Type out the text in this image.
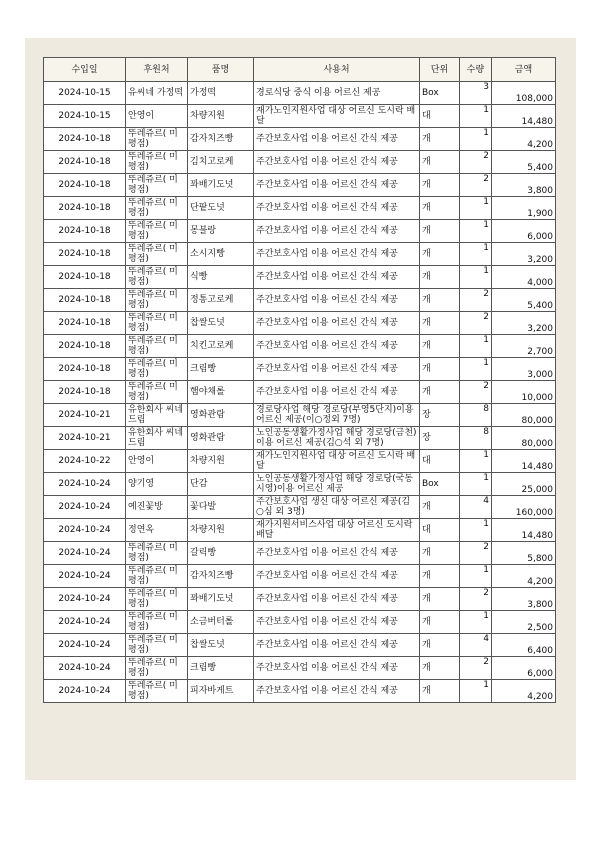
수입일	후원처	품명	사용처	단위	수량	금액
2024-10-15	유씨네 가정떡	가정떡	경로식당 중식 이용 어르신 제공	Box	3	108,000
2024-10-15	안영이	차량지원	재가노인지원사업 대상 어르신 도시락 배달	대	1	14,480
2024-10-18	뚜레쥬르( 미평점)	감자치즈빵	주간보호사업 이용 어르신 간식 제공	개	1	4,200
2024-10-18	뚜레쥬르( 미평점)	김치고로케	주간보호사업 이용 어르신 간식 제공	개	2	5,400
2024-10-18	뚜레쥬르( 미평점)	꽈배기도넛	주간보호사업 이용 어르신 간식 제공	개	2	3,800
2024-10-18	뚜레쥬르( 미평점)	단팥도넛	주간보호사업 이용 어르신 간식 제공	개	1	1,900
2024-10-18	뚜레쥬르( 미평점)	몽블랑	주간보호사업 이용 어르신 간식 제공	개	1	6,000
2024-10-18	뚜레쥬르( 미평점)	소시지빵	주간보호사업 이용 어르신 간식 제공	개	1	3,200
2024-10-18	뚜레쥬르( 미평점)	식빵	주간보호사업 이용 어르신 간식 제공	개	1	4,000
2024-10-18	뚜레쥬르( 미평점)	정통고로케	주간보호사업 이용 어르신 간식 제공	개	2	5,400
2024-10-18	뚜레쥬르( 미평점)	찹쌀도넛	주간보호사업 이용 어르신 간식 제공	개	2	3,200
2024-10-18	뚜레쥬르( 미평점)	치킨고로케	주간보호사업 이용 어르신 간식 제공	개	1	2,700
2024-10-18	뚜레쥬르( 미평점)	크림빵	주간보호사업 이용 어르신 간식 제공	개	1	3,000
2024-10-18	뚜레쥬르( 미평점)	햄야채롤	주간보호사업 이용 어르신 간식 제공	개	2	10,000
2024-10-21	유한회사 씨네드림	영화관람	경로당사업 해당 경로당(부영5단지)이용 어르신 제공(이○정외 7명)	장	8	80,000
2024-10-21	유한회사 씨네드림	영화관람	노인공동생활가정사업 해당 경로당(금천)이용 어르신 제공(김○석 외 7명)	장	8	80,000
2024-10-22	안영이	차량지원	재가노인지원사업 대상 어르신 도시락 배달	대	1	14,480
2024-10-24	양기영	단감	노인공동생활가정사업 해당 경로당(국동시영)이용 어르신 제공	Box	1	25,000
2024-10-24	예진꽃방	꽃다발	주간보호사업 생신 대상 어르신 제공(김○심 외 3명)	개	4	160,000
2024-10-24	정연옥	차량지원	재가지원서비스사업 대상 어르신 도시락 배달	대	1	14,480
2024-10-24	뚜레쥬르( 미평점)	갈릭빵	주간보호사업 이용 어르신 간식 제공	개	2	5,800
2024-10-24	뚜레쥬르( 미평점)	감자치즈빵	주간보호사업 이용 어르신 간식 제공	개	1	4,200
2024-10-24	뚜레쥬르( 미평점)	꽈배기도넛	주간보호사업 이용 어르신 간식 제공	개	2	3,800
2024-10-24	뚜레쥬르( 미평점)	소금버터롤	주간보호사업 이용 어르신 간식 제공	개	1	2,500
2024-10-24	뚜레쥬르( 미평점)	찹쌀도넛	주간보호사업 이용 어르신 간식 제공	개	4	6,400
2024-10-24	뚜레쥬르( 미평점)	크림빵	주간보호사업 이용 어르신 간식 제공	개	2	6,000
2024-10-24	뚜레쥬르( 미평점)	피자바게트	주간보호사업 이용 어르신 간식 제공	개	1	4,200
